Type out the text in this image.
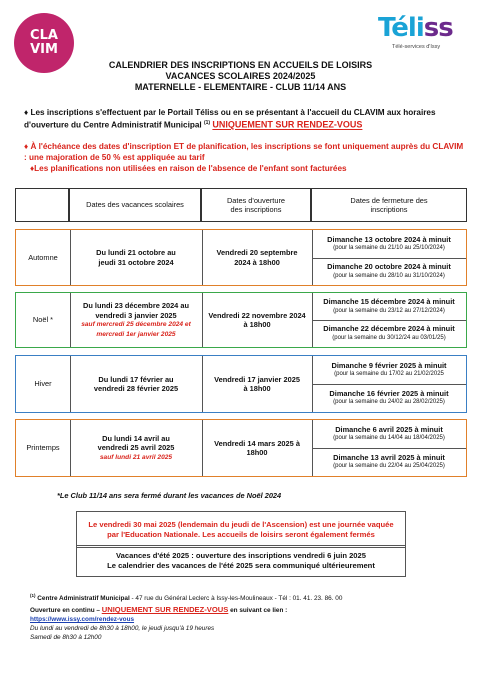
CLA
VIM
Téliss
Télé-services d'Issy
CALENDRIER DES INSCRIPTIONS EN ACCUEILS DE LOISIRS
VACANCES SCOLAIRES 2024/2025
MATERNELLE - ELEMENTAIRE - CLUB 11/14 ANS
♦ Les inscriptions s'effectuent par le Portail Téliss ou en se présentant à l'accueil du CLAVIM aux horaires d'ouverture du Centre Administratif Municipal $^{(1)}$ UNIQUEMENT SUR RENDEZ-VOUS
♦ À l'échéance des dates d'inscription ET de planification, les inscriptions se font uniquement auprès du CLAVIM : une majoration de 50 % est appliquée au tarif
♦Les planifications non utilisées en raison de l'absence de l'enfant sont facturées
Dates des vacances scolaires
Dates d'ouverture des inscriptions
Dates de fermeture des inscriptions
Automne
Du lundi 21 octobre au jeudi 31 octobre 2024
Vendredi 20 septembre 2024 à 18h00
Dimanche 13 octobre 2024 à minuit
(pour la semaine du 21/10 au 25/10/2024)
Dimanche 20 octobre 2024 à minuit
(pour la semaine du 28/10 au 31/10/2024)
Noël *
Du lundi 23 décembre 2024 au vendredi 3 janvier 2025
sauf mercredi 25 décembre 2024 et mercredi 1er janvier 2025
Vendredi 22 novembre 2024 à 18h00
Dimanche 15 décembre 2024 à minuit
(pour la semaine du 23/12 au 27/12/2024)
Dimanche 22 décembre 2024 à minuit
(pour la semaine du 30/12/24 au 03/01/25)
Hiver
Du lundi 17 février au vendredi 28 février 2025
Vendredi 17 janvier 2025 à 18h00
Dimanche 9 février 2025 à minuit
(pour la semaine du 17/02 au 21/02/2025
Dimanche 16 février 2025 à minuit
(pour la semaine du 24/02 au 28/02/2025)
Printemps
Du lundi 14 avril au vendredi 25 avril 2025
sauf lundi 21 avril 2025
Vendredi 14 mars 2025 à 18h00
Dimanche 6 avril 2025 à minuit
(pour la semaine du 14/04 au 18/04/2025)
Dimanche 13 avril 2025 à minuit
(pour la semaine du 22/04 au 25/04/2025)
*Le Club 11/14 ans sera fermé durant les vacances de Noël 2024
Le vendredi 30 mai 2025 (lendemain du jeudi de l'Ascension) est une journée vaquée
par l'Education Nationale. Les accueils de loisirs seront également fermés
Vacances d'été 2025 : ouverture des inscriptions vendredi 6 juin 2025
Le calendrier des vacances de l'été 2025 sera communiqué ultérieurement
$^{(1)}$ Centre Administratif Municipal - 47 rue du Général Leclerc à Issy-les-Moulineaux - Tél : 01. 41. 23. 86. 00
Ouverture en continu – UNIQUEMENT SUR RENDEZ-VOUS en suivant ce lien :
https://www.issy.com/rendez-vous
Du lundi au vendredi de 8h30 à 18h00, le jeudi jusqu'à 19 heures
Samedi de 8h30 à 12h00
